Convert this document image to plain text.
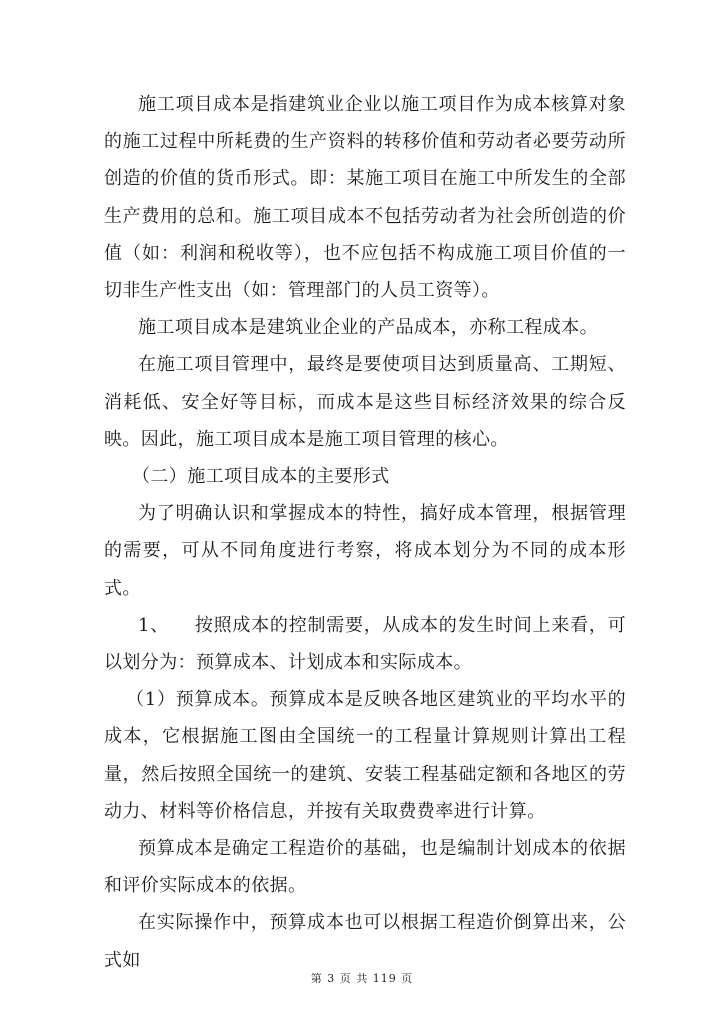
施工项目成本是指建筑业企业以施工项目作为成本核算对象的施工过程中所耗费的生产资料的转移价值和劳动者必要劳动所创造的价值的货币形式。即：某施工项目在施工中所发生的全部生产费用的总和。施工项目成本不包括劳动者为社会所创造的价值（如：利润和税收等），也不应包括不构成施工项目价值的一切非生产性支出（如：管理部门的人员工资等）。

施工项目成本是建筑业企业的产品成本，亦称工程成本。

在施工项目管理中，最终是要使项目达到质量高、工期短、消耗低、安全好等目标，而成本是这些目标经济效果的综合反映。因此，施工项目成本是施工项目管理的核心。

（二）施工项目成本的主要形式

为了明确认识和掌握成本的特性，搞好成本管理，根据管理的需要，可从不同角度进行考察，将成本划分为不同的成本形式。

1、    按照成本的控制需要，从成本的发生时间上来看，可以划分为：预算成本、计划成本和实际成本。

（1）预算成本。预算成本是反映各地区建筑业的平均水平的成本，它根据施工图由全国统一的工程量计算规则计算出工程量，然后按照全国统一的建筑、安装工程基础定额和各地区的劳动力、材料等价格信息，并按有关取费费率进行计算。

预算成本是确定工程造价的基础，也是编制计划成本的依据和评价实际成本的依据。

在实际操作中，预算成本也可以根据工程造价倒算出来，公式如

第 3 页 共 119 页
